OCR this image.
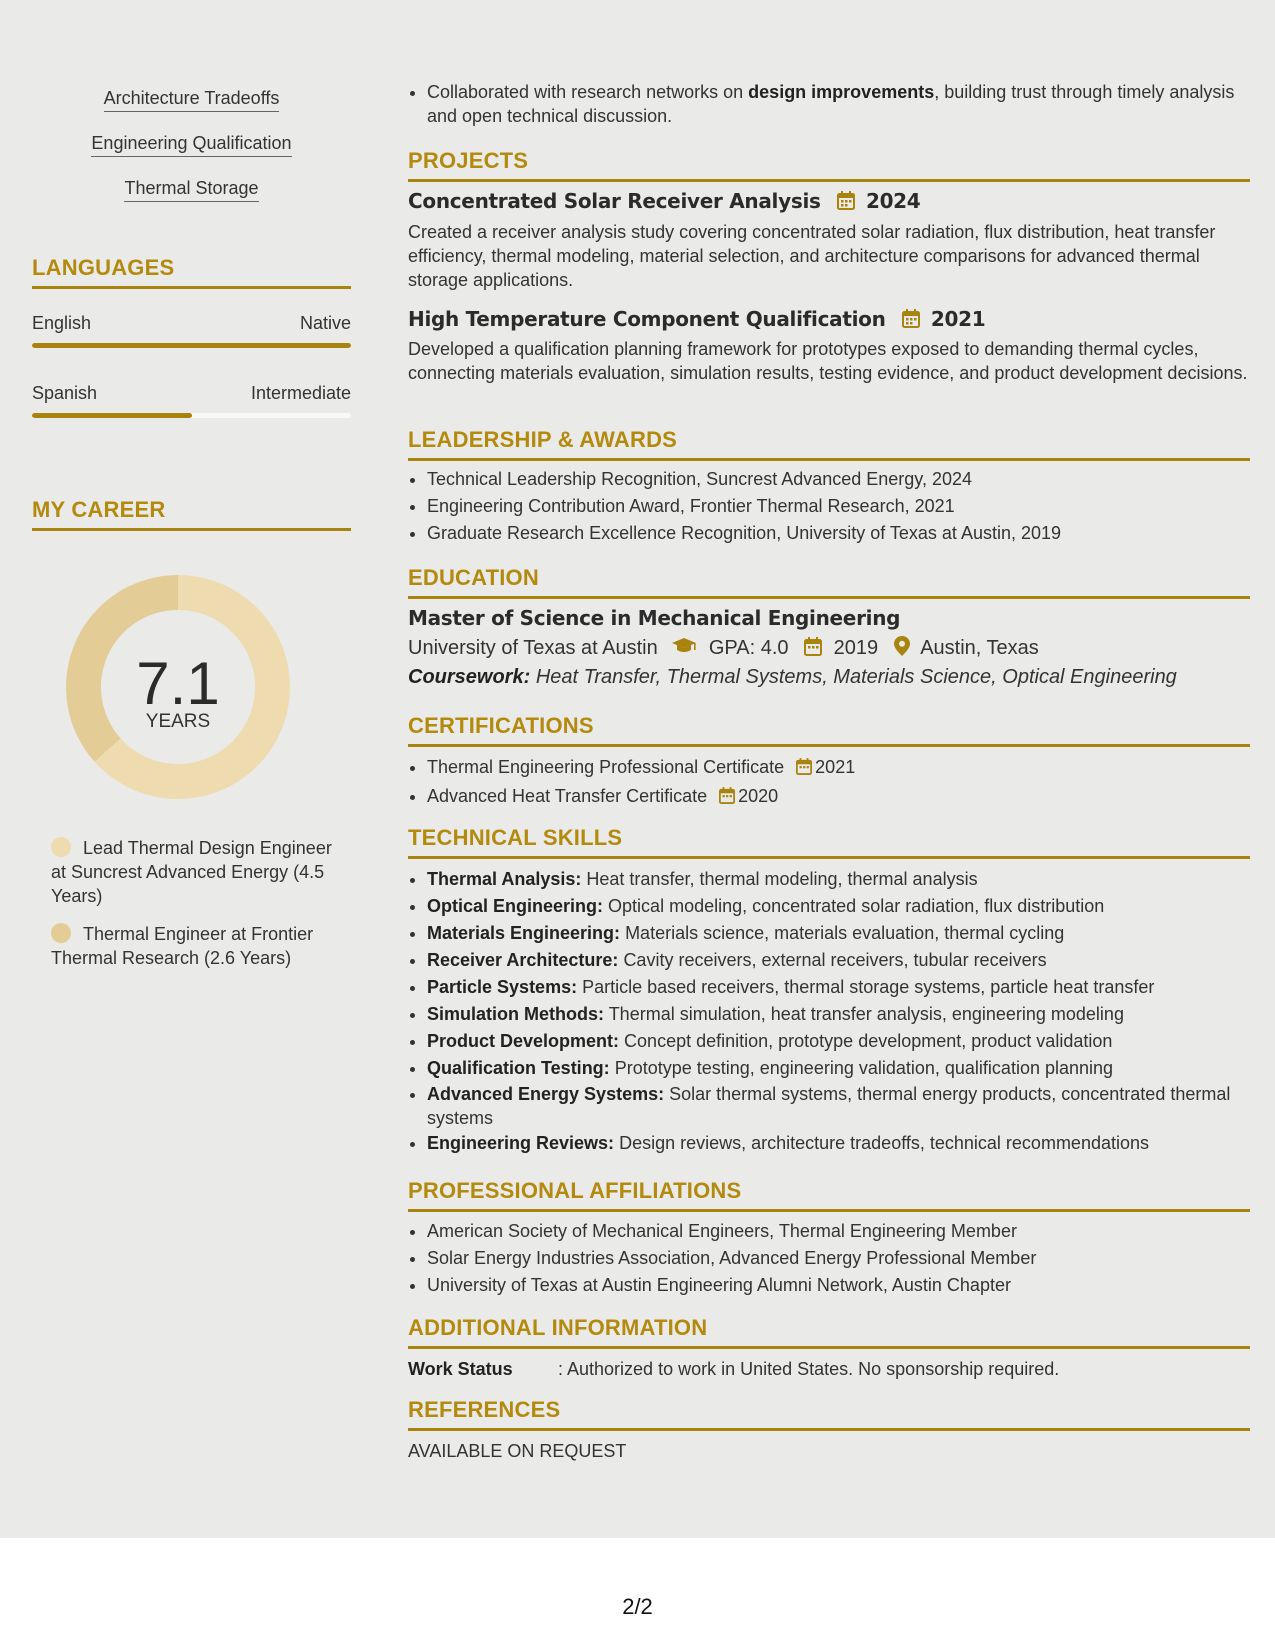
Architecture Tradeoffs
Engineering Qualification
Thermal Storage
LANGUAGES
English	Native
Spanish	Intermediate
MY CAREER
7.1
YEARS
Lead Thermal Design Engineer at Suncrest Advanced Energy (4.5 Years)
Thermal Engineer at Frontier Thermal Research (2.6 Years)
• Collaborated with research networks on design improvements, building trust through timely analysis and open technical discussion.
PROJECTS
Concentrated Solar Receiver Analysis 2024
Created a receiver analysis study covering concentrated solar radiation, flux distribution, heat transfer efficiency, thermal modeling, material selection, and architecture comparisons for advanced thermal storage applications.
High Temperature Component Qualification 2021
Developed a qualification planning framework for prototypes exposed to demanding thermal cycles, connecting materials evaluation, simulation results, testing evidence, and product development decisions.
LEADERSHIP & AWARDS
• Technical Leadership Recognition, Suncrest Advanced Energy, 2024
• Engineering Contribution Award, Frontier Thermal Research, 2021
• Graduate Research Excellence Recognition, University of Texas at Austin, 2019
EDUCATION
Master of Science in Mechanical Engineering
University of Texas at Austin	GPA: 4.0 2019 Austin, Texas
Coursework: Heat Transfer, Thermal Systems, Materials Science, Optical Engineering
CERTIFICATIONS
• Thermal Engineering Professional Certificate 2021
• Advanced Heat Transfer Certificate 2020
TECHNICAL SKILLS
• Thermal Analysis: Heat transfer, thermal modeling, thermal analysis
• Optical Engineering: Optical modeling, concentrated solar radiation, flux distribution
• Materials Engineering: Materials science, materials evaluation, thermal cycling
• Receiver Architecture: Cavity receivers, external receivers, tubular receivers
• Particle Systems: Particle based receivers, thermal storage systems, particle heat transfer
• Simulation Methods: Thermal simulation, heat transfer analysis, engineering modeling
• Product Development: Concept definition, prototype development, product validation
• Qualification Testing: Prototype testing, engineering validation, qualification planning
• Advanced Energy Systems: Solar thermal systems, thermal energy products, concentrated thermal systems
• Engineering Reviews: Design reviews, architecture tradeoffs, technical recommendations
PROFESSIONAL AFFILIATIONS
• American Society of Mechanical Engineers, Thermal Engineering Member
• Solar Energy Industries Association, Advanced Energy Professional Member
• University of Texas at Austin Engineering Alumni Network, Austin Chapter
ADDITIONAL INFORMATION
Work Status	: Authorized to work in United States. No sponsorship required.
REFERENCES
AVAILABLE ON REQUEST
2/2
